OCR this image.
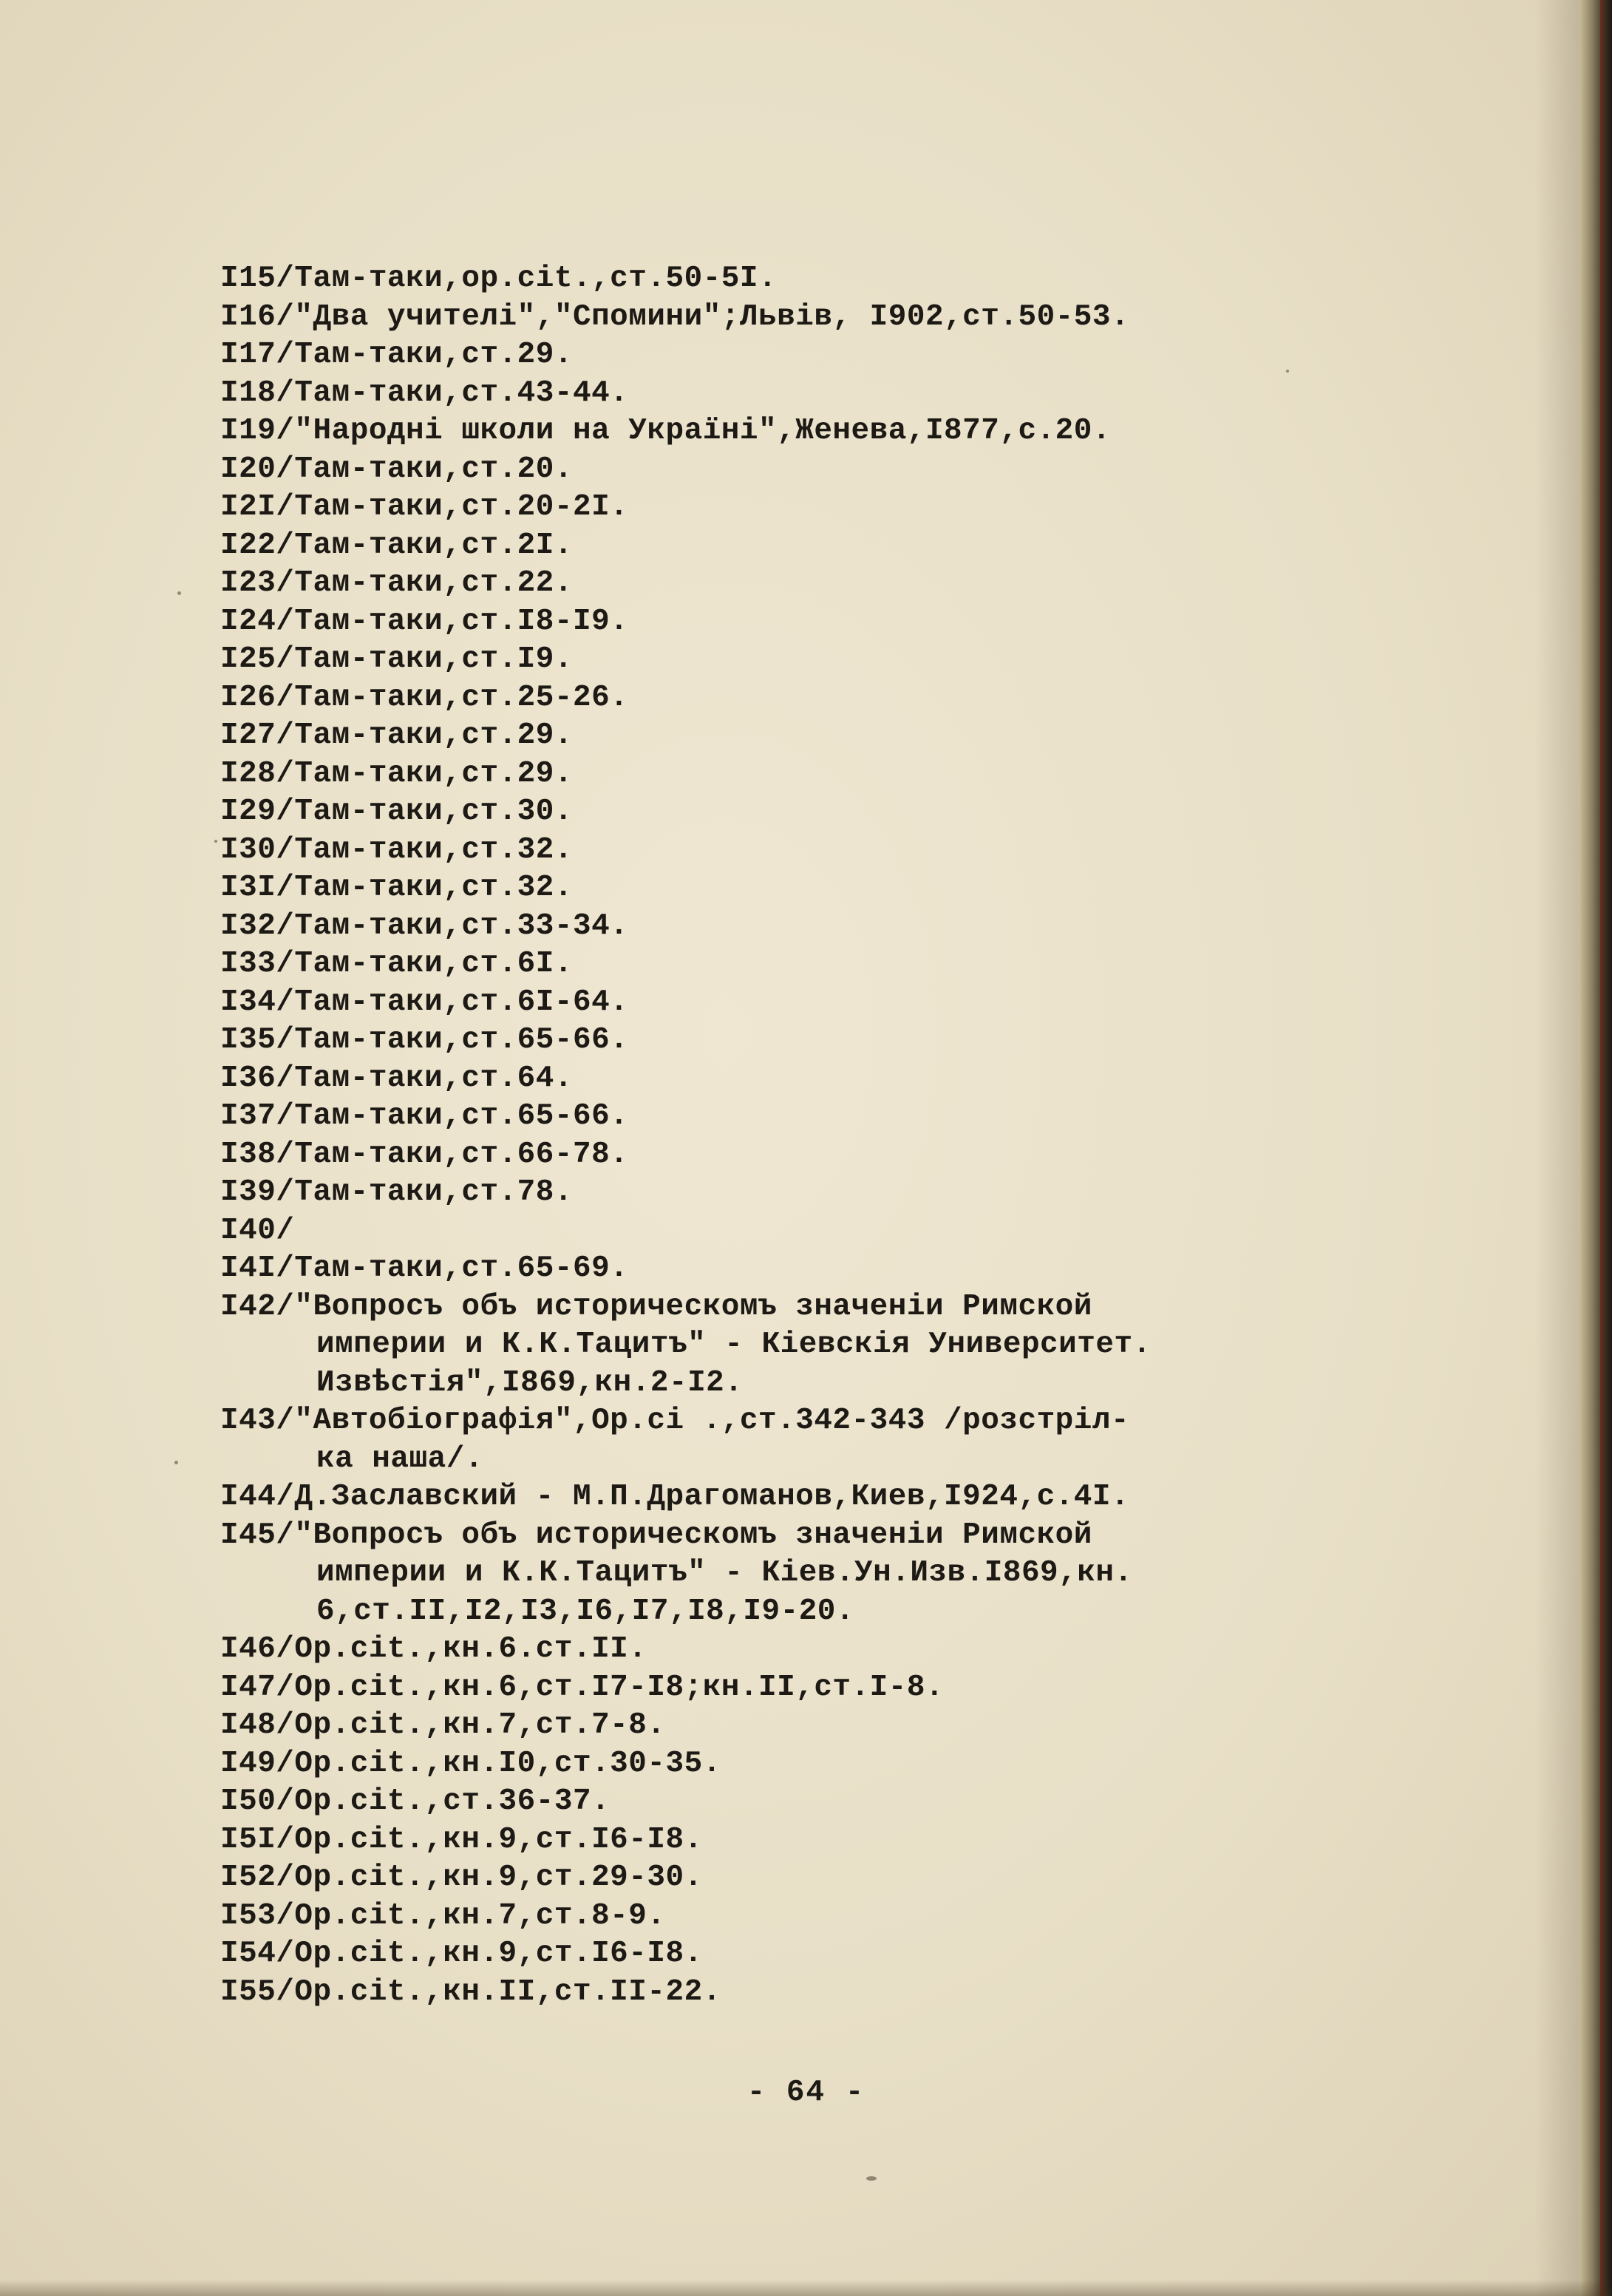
I15/Там-таки,op.cit.,ст.50-5I.
I16/"Два учителі","Спомини";Львів, I902,ст.50-53.
I17/Там-таки,ст.29.
I18/Там-таки,ст.43-44.
I19/"Народні школи на Україні",Женева,I877,с.20.
I20/Там-таки,ст.20.
I2I/Там-таки,ст.20-2I.
I22/Там-таки,ст.2I.
I23/Там-таки,ст.22.
I24/Там-таки,ст.I8-I9.
I25/Там-таки,ст.I9.
I26/Там-таки,ст.25-26.
I27/Там-таки,ст.29.
I28/Там-таки,ст.29.
I29/Там-таки,ст.30.
I30/Там-таки,ст.32.
I3I/Там-таки,ст.32.
I32/Там-таки,ст.33-34.
I33/Там-таки,ст.6I.
I34/Там-таки,ст.6I-64.
I35/Там-таки,ст.65-66.
I36/Там-таки,ст.64.
I37/Там-таки,ст.65-66.
I38/Там-таки,ст.66-78.
I39/Там-таки,ст.78.
I40/
I4I/Там-таки,ст.65-69.
I42/"Вопросъ объ историческомъ значеніи Римской
империи и К.К.Тацитъ" - Кіевскія Университет.
Извѣстія",I869,кн.2-I2.
I43/"Автобіографія",Op.ci .,ст.342-343 /розстріл-
ка наша/.
I44/Д.Заславский - М.П.Драгоманов,Киев,I924,с.4I.
I45/"Вопросъ объ историческомъ значеніи Римской
империи и К.К.Тацитъ" - Кіев.Ун.Изв.I869,кн.
6,ст.II,I2,I3,I6,I7,I8,I9-20.
I46/Op.cit.,кн.6.ст.II.
I47/Op.cit.,кн.6,ст.I7-I8;кн.II,ст.I-8.
I48/Op.cit.,кн.7,ст.7-8.
I49/Op.cit.,кн.I0,ст.30-35.
I50/Op.cit.,ст.36-37.
I5I/Op.cit.,кн.9,ст.I6-I8.
I52/Op.cit.,кн.9,ст.29-30.
I53/Op.cit.,кн.7,ст.8-9.
I54/Op.cit.,кн.9,ст.I6-I8.
I55/Op.cit.,кн.II,ст.II-22.
- 64 -
